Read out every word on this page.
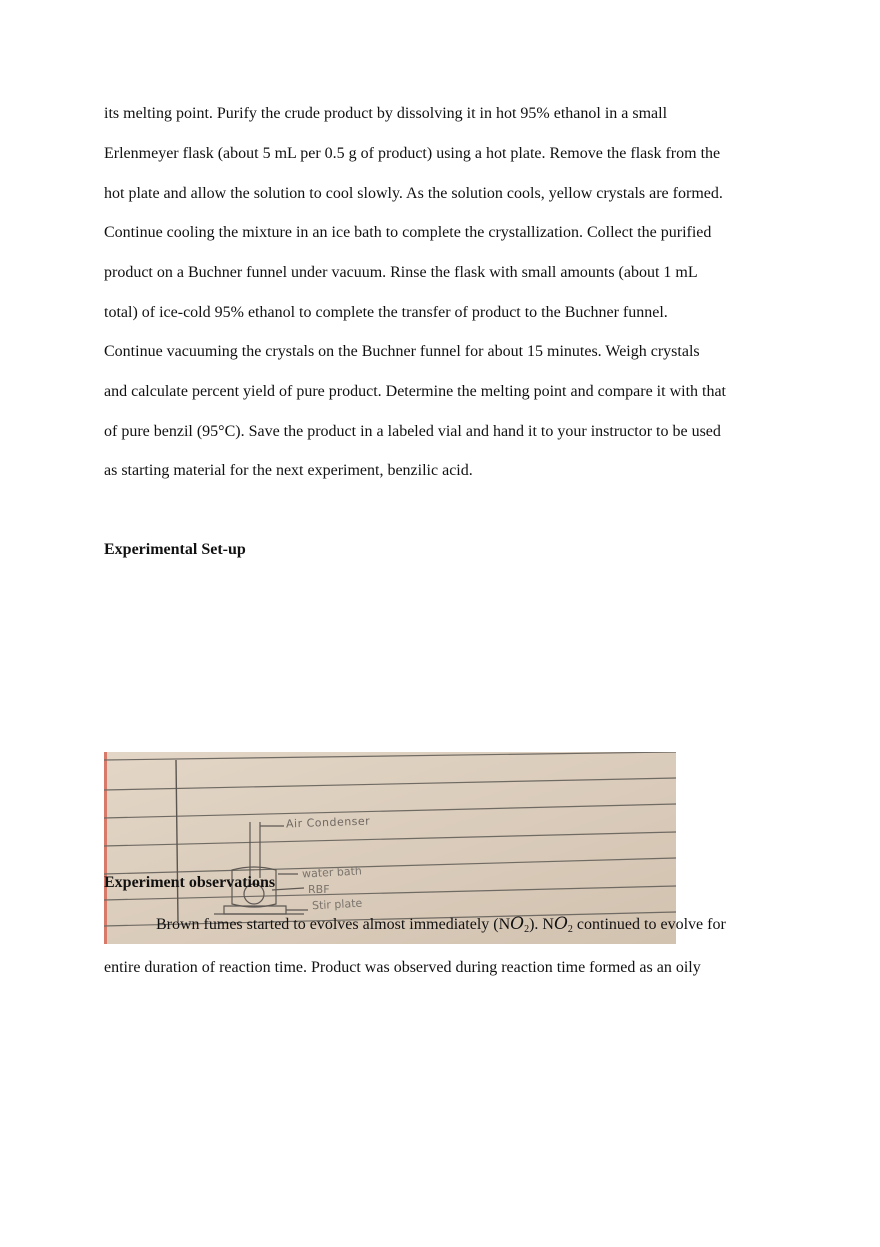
its melting point. Purify the crude product by dissolving it in hot 95% ethanol in a small
Erlenmeyer flask (about 5 mL per 0.5 g of product) using a hot plate. Remove the flask from the
hot plate and allow the solution to cool slowly. As the solution cools, yellow crystals are formed.
Continue cooling the mixture in an ice bath to complete the crystallization. Collect the purified
product on a Buchner funnel under vacuum. Rinse the flask with small amounts (about 1 mL
total) of ice-cold 95% ethanol to complete the transfer of product to the Buchner funnel.
Continue vacuuming the crystals on the Buchner funnel for about 15 minutes. Weigh crystals
and calculate percent yield of pure product. Determine the melting point and compare it with that
of pure benzil (95°C). Save the product in a labeled vial and hand it to your instructor to be used
as starting material for the next experiment, benzilic acid.
Experimental Set-up
Air Condenser
water bath
RBF
Stir plate
Experiment observations
Brown fumes started to evolves almost immediately $(NO_2)$. $NO_2$ continued to evolve for
entire duration of reaction time. Product was observed during reaction time formed as an oily
